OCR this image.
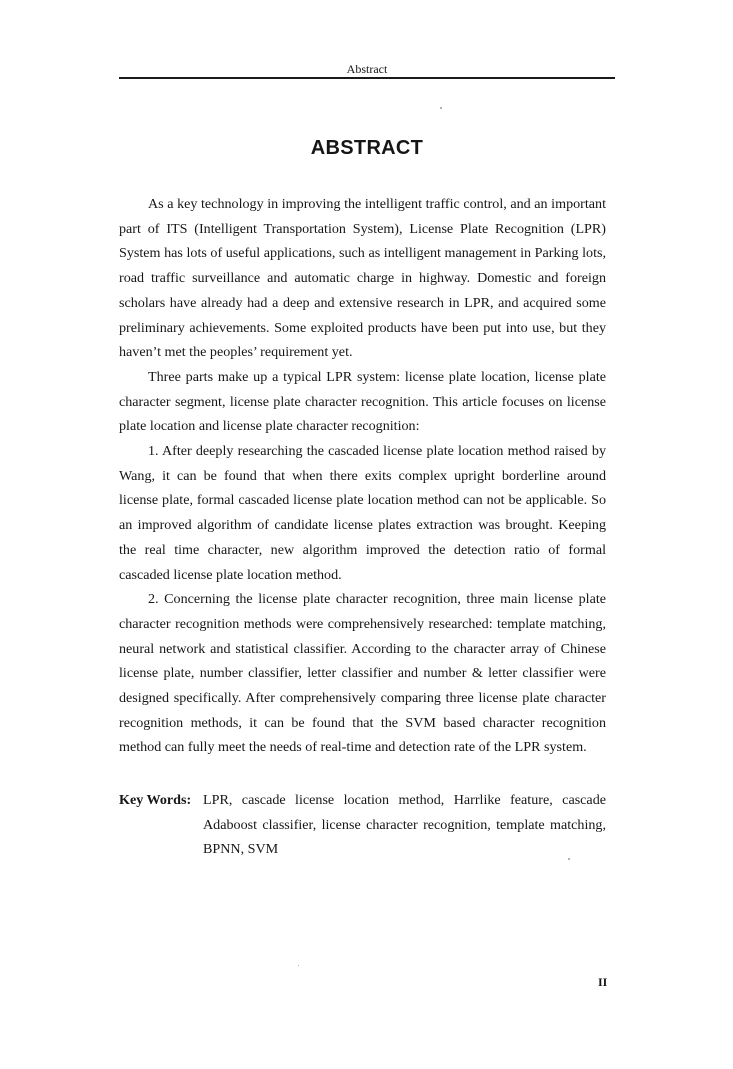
Abstract
ABSTRACT

As a key technology in improving the intelligent traffic control, and an important part of ITS (Intelligent Transportation System), License Plate Recognition (LPR) System has lots of useful applications, such as intelligent management in Parking lots, road traffic surveillance and automatic charge in highway. Domestic and foreign scholars have already had a deep and extensive research in LPR, and acquired some preliminary achievements. Some exploited products have been put into use, but they haven’t met the peoples’ requirement yet.

Three parts make up a typical LPR system: license plate location, license plate character segment, license plate character recognition. This article focuses on license plate location and license plate character recognition:

1. After deeply researching the cascaded license plate location method raised by Wang, it can be found that when there exits complex upright borderline around license plate, formal cascaded license plate location method can not be applicable. So an improved algorithm of candidate license plates extraction was brought. Keeping the real time character, new algorithm improved the detection ratio of formal cascaded license plate location method.

2. Concerning the license plate character recognition, three main license plate character recognition methods were comprehensively researched: template matching, neural network and statistical classifier. According to the character array of Chinese license plate, number classifier, letter classifier and number & letter classifier were designed specifically. After comprehensively comparing three license plate character recognition methods, it can be found that the SVM based character recognition method can fully meet the needs of real-time and detection rate of the LPR system.

Key Words: LPR, cascade license location method, Harrlike feature, cascade Adaboost classifier, license character recognition, template matching, BPNN, SVM
II
